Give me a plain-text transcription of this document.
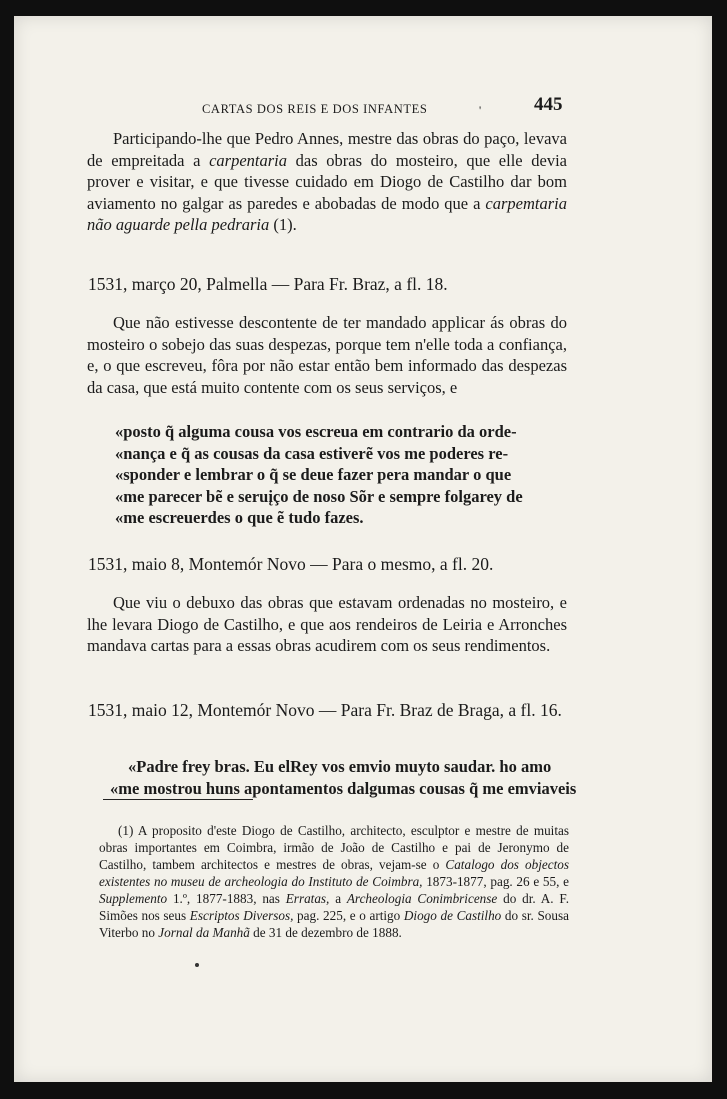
CARTAS DOS REIS E DOS INFANTES	'	445

Participando-lhe que Pedro Annes, mestre das obras do paço, levava de empreitada a carpentaria das obras do mosteiro, que elle devia prover e visitar, e que tivesse cuidado em Diogo de Castilho dar bom aviamento no galgar as paredes e abobadas de modo que a carpemtaria não aguarde pella pedraria (1).

1531, março 20, Palmella — Para Fr. Braz, a fl. 18.

Que não estivesse descontente de ter mandado applicar ás obras do mosteiro o sobejo das suas despezas, porque tem n'elle toda a confiança, e, o que escreveu, fôra por não estar então bem informado das despezas da casa, que está muito contente com os seus serviços, e

«posto q̃ alguma cousa vos escreua em contrario da orde-
«nança e q̃ as cousas da casa estiverẽ vos me poderes re-
«sponder e lembrar o q̃ se deue fazer pera mandar o que
«me parecer bẽ e seruįço de noso Sõr e sempre folgarey de
«me escreuerdes o que ẽ tudo fazes.
1531, maio 8, Montemór Novo — Para o mesmo, a fl. 20.

Que viu o debuxo das obras que estavam ordenadas no mosteiro, e lhe levara Diogo de Castilho, e que aos rendeiros de Leiria e Arronches mandava cartas para a essas obras acudirem com os seus rendimentos.

1531, maio 12, Montemór Novo — Para Fr. Braz de Braga, a fl. 16.
«Padre frey bras. Eu elRey vos emvio muyto saudar. ho amo
«me mostrou huns apontamentos dalgumas cousas q̃ me emviaveis

(1) A proposito d'este Diogo de Castilho, architecto, esculptor e mestre de muitas obras importantes em Coimbra, irmão de João de Castilho e pai de Jeronymo de Castilho, tambem architectos e mestres de obras, vejam-se o Catalogo dos objectos existentes no museu de archeologia do Instituto de Coimbra, 1873-1877, pag. 26 e 55, e Supplemento 1.º, 1877-1883, nas Erratas, a Archeologia Conimbricense do dr. A. F. Simões nos seus Escriptos Diversos, pag. 225, e o artigo Diogo de Castilho do sr. Sousa Viterbo no Jornal da Manhã de 31 de dezembro de 1888.
